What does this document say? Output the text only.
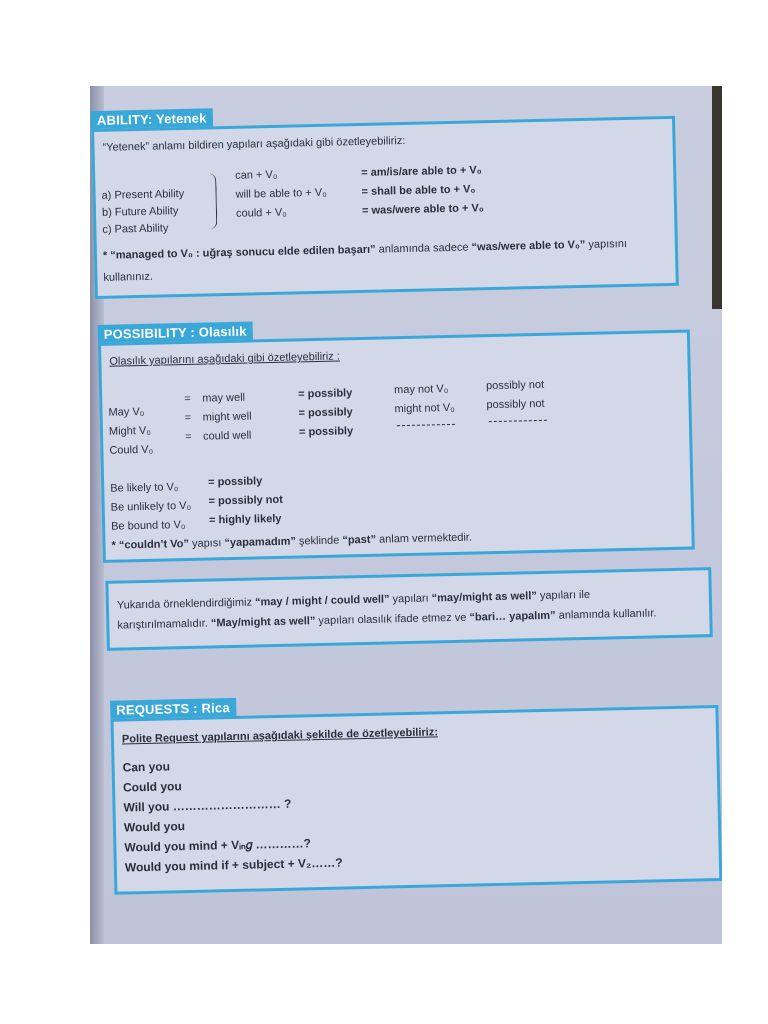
ABILITY: Yetenek
“Yetenek” anlamı bildiren yapıları aşağıdaki gibi özetleyebiliriz:
a) Present Ability
b) Future Ability
c) Past Ability
can + V₀
will be able to + V₀
could + V₀
= am/is/are able to + V₀
= shall be able to + V₀
= was/were able to + V₀
* “managed to V₀ : uğraş sonucu elde edilen başarı” anlamında sadece “was/were able to V₀” yapısını
kullanınız.
POSSIBILITY : Olasılık
Olasılık yapılarını aşağıdaki gibi özetleyebiliriz :
May V₀
Might V₀
Could V₀
=
=
=
may well
might well
could well
= possibly
= possibly
= possibly
may not V₀
might not V₀
possibly not
possibly not
Be likely to V₀
Be unlikely to V₀
Be bound to V₀
= possibly
= possibly not
= highly likely
* “couldn’t Vo” yapısı “yapamadım” şeklinde “past” anlam vermektedir.
Yukarıda örneklendirdiğimiz “may / might / could well” yapıları “may/might as well” yapıları ile
karıştırılmamalıdır. “May/might as well” yapıları olasılık ifade etmez ve “bari… yapalım” anlamında kullanılır.
REQUESTS : Rica
Polite Request yapılarını aşağıdaki şekilde de özetleyebiliriz:
Can you
Could you
Will you ……………………… ?
Would you
Would you mind + Vᵢₙ𝑔 …………?
Would you mind if + subject + V₂……?
